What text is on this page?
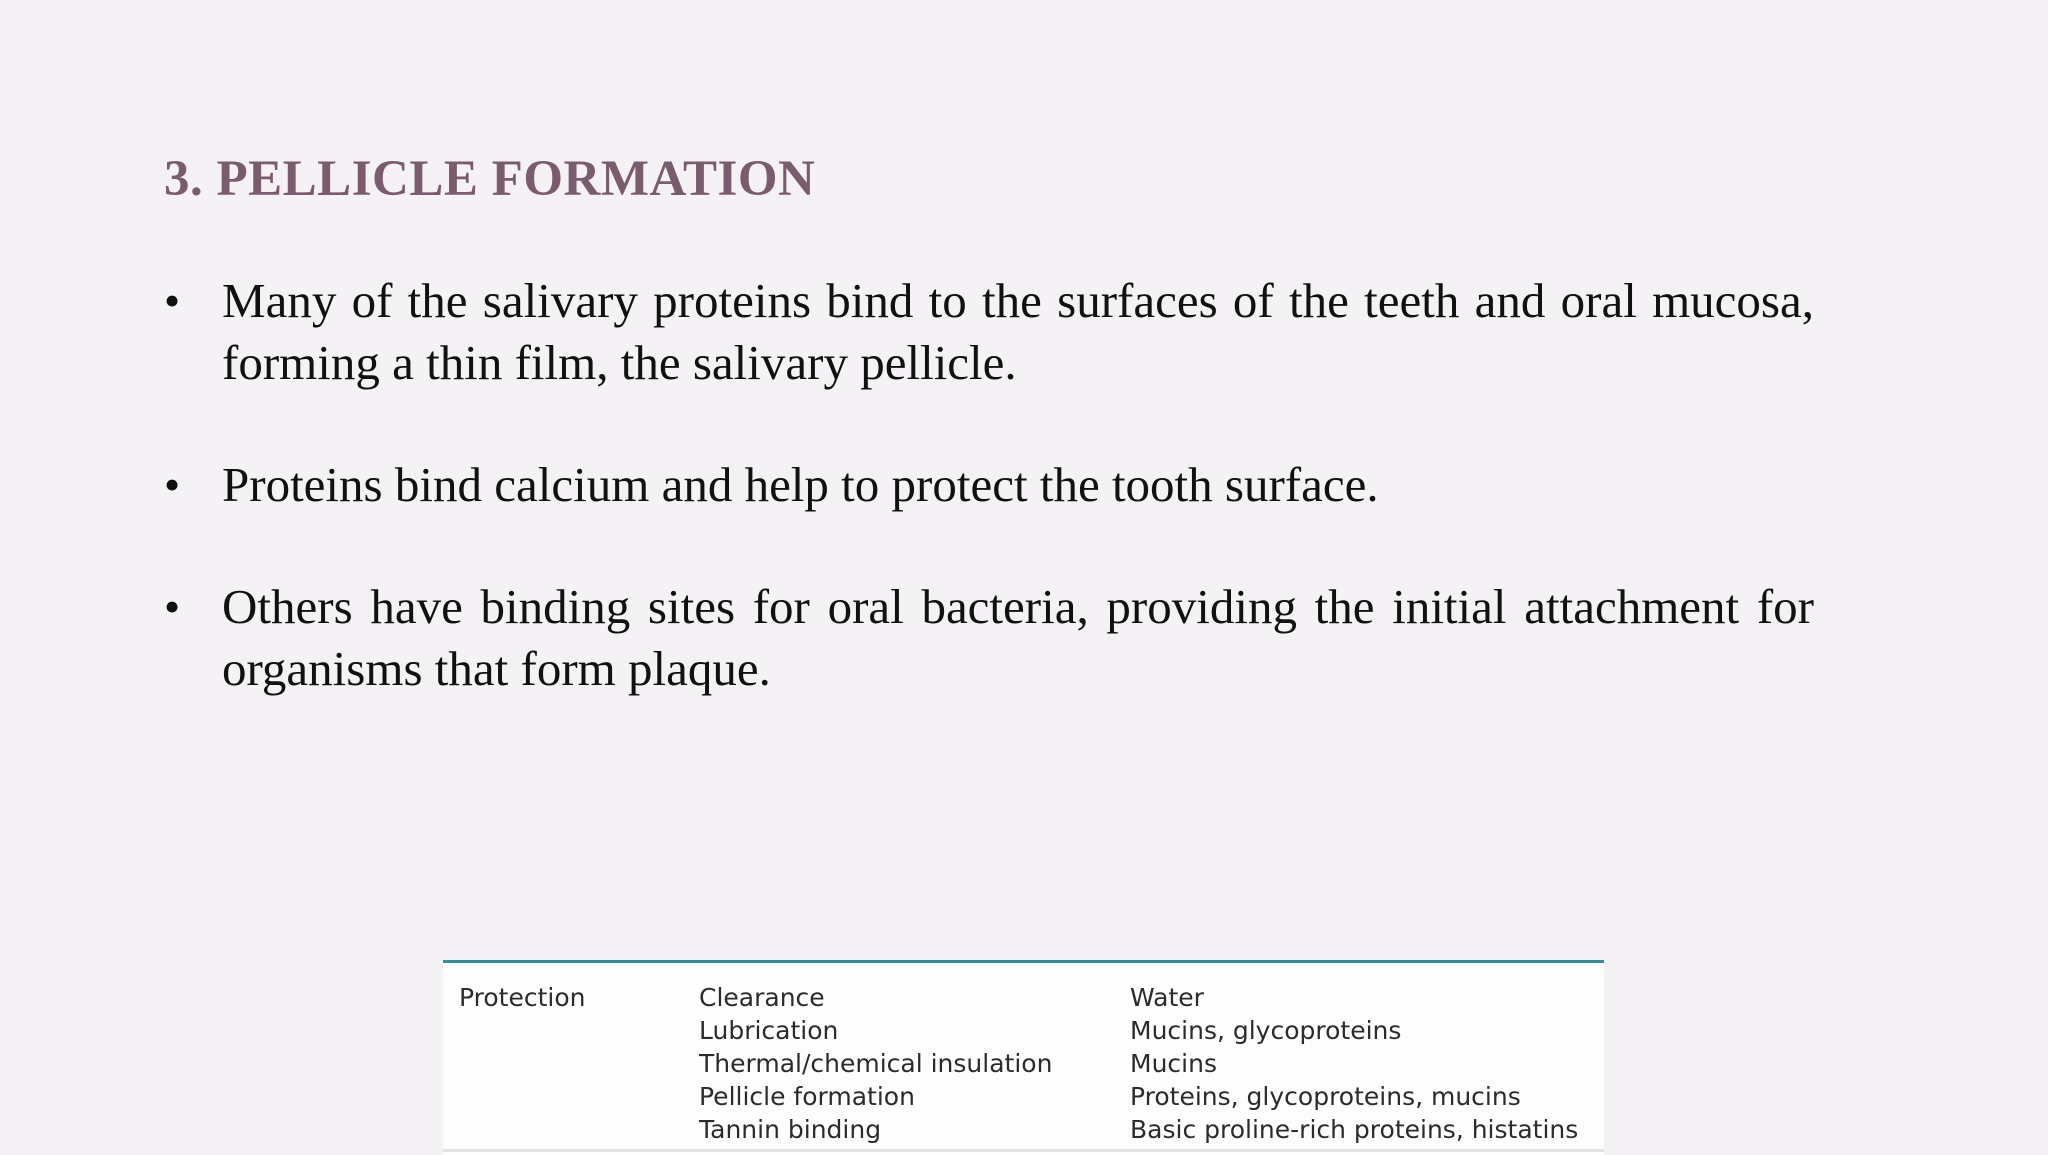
3. PELLICLE FORMATION
• Many of the salivary proteins bind to the surfaces of the teeth and oral mucosa, forming a thin film, the salivary pellicle.
• Proteins bind calcium and help to protect the tooth surface.
• Others have binding sites for oral bacteria, providing the initial attachment for organisms that form plaque.
Protection	Clearance
Lubrication
Thermal/chemical insulation
Pellicle formation
Tannin binding
Water
Mucins, glycoproteins
Mucins
Proteins, glycoproteins, mucins
Basic proline-rich proteins, histatins
